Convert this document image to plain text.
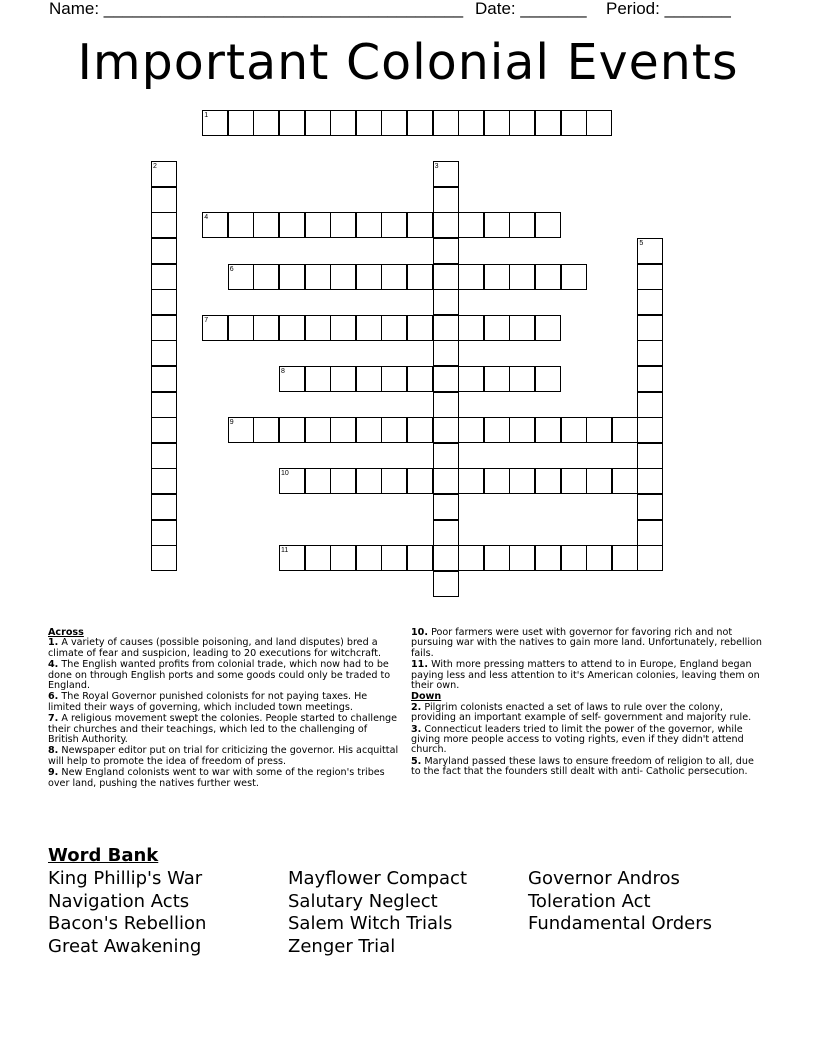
Name: ______________________________________ Date: _______ Period: _______
Important Colonial Events
1
2	3
4
5
6
7
8
9
10
11
Across
1. A variety of causes (possible poisoning, and land disputes) bred a climate of fear and suspicion, leading to 20 executions for witchcraft.
4. The English wanted profits from colonial trade, which now had to be done on through English ports and some goods could only be traded to England.
6. The Royal Governor punished colonists for not paying taxes. He limited their ways of governing, which included town meetings.
7. A religious movement swept the colonies. People started to challenge their churches and their teachings, which led to the challenging of British Authority.
8. Newspaper editor put on trial for criticizing the governor. His acquittal will help to promote the idea of freedom of press.
9. New England colonists went to war with some of the region's tribes over land, pushing the natives further west.
10. Poor farmers were uset with governor for favoring rich and not pursuing war with the natives to gain more land. Unfortunately, rebellion fails.
11. With more pressing matters to attend to in Europe, England began paying less and less attention to it's American colonies, leaving them on their own.
Down
2. Pilgrim colonists enacted a set of laws to rule over the colony, providing an important example of self- government and majority rule.
3. Connecticut leaders tried to limit the power of the governor, while giving more people access to voting rights, even if they didn't attend church.
5. Maryland passed these laws to ensure freedom of religion to all, due to the fact that the founders still dealt with anti- Catholic persecution.
Word Bank
King Phillip's War
Navigation Acts
Bacon's Rebellion
Great Awakening
Mayflower Compact
Salutary Neglect
Salem Witch Trials
Zenger Trial
Governor Andros
Toleration Act
Fundamental Orders
